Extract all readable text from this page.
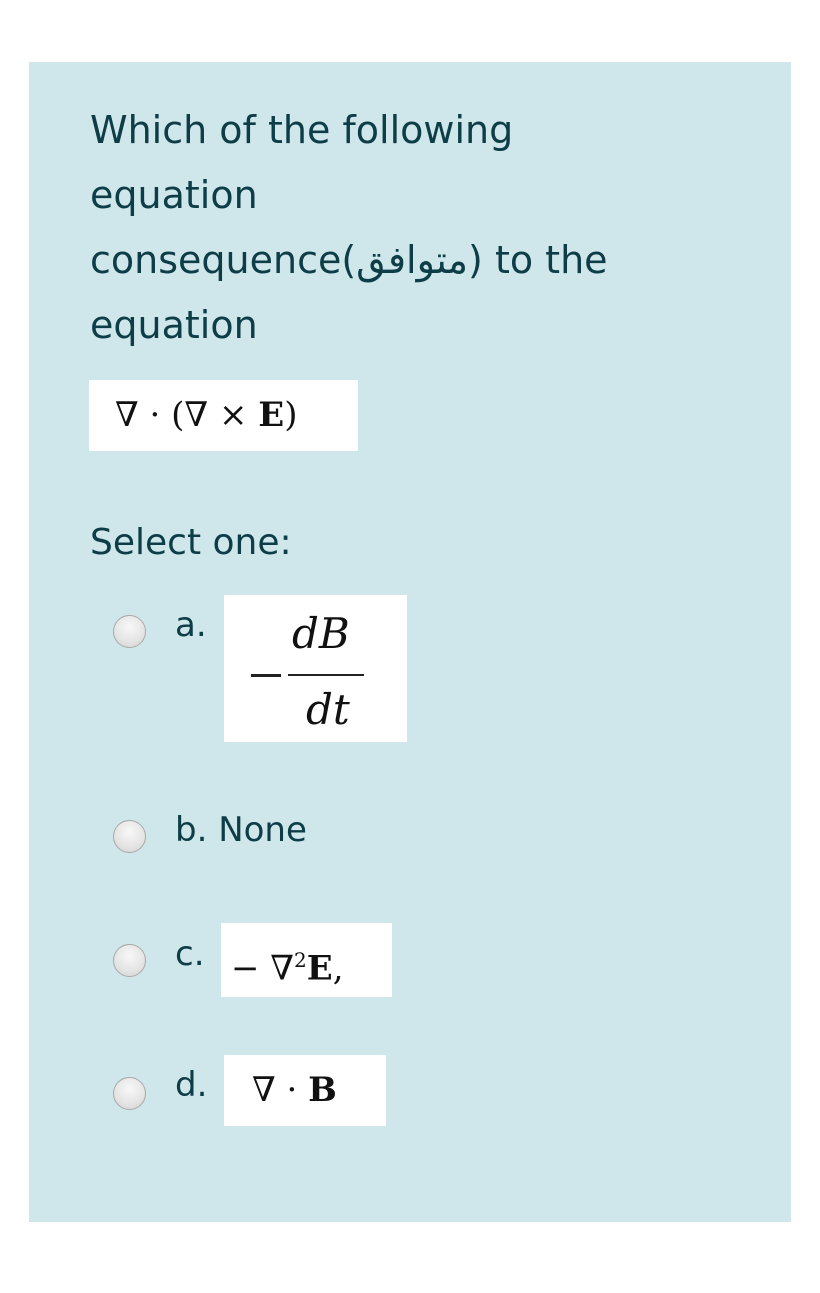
Which of the following
equation
consequence(متوافق) to the
equation
∇ · (∇ × E)
Select one:
a. dB
dt
b. None
c. − ∇$^2$E,
d.	∇ · B
